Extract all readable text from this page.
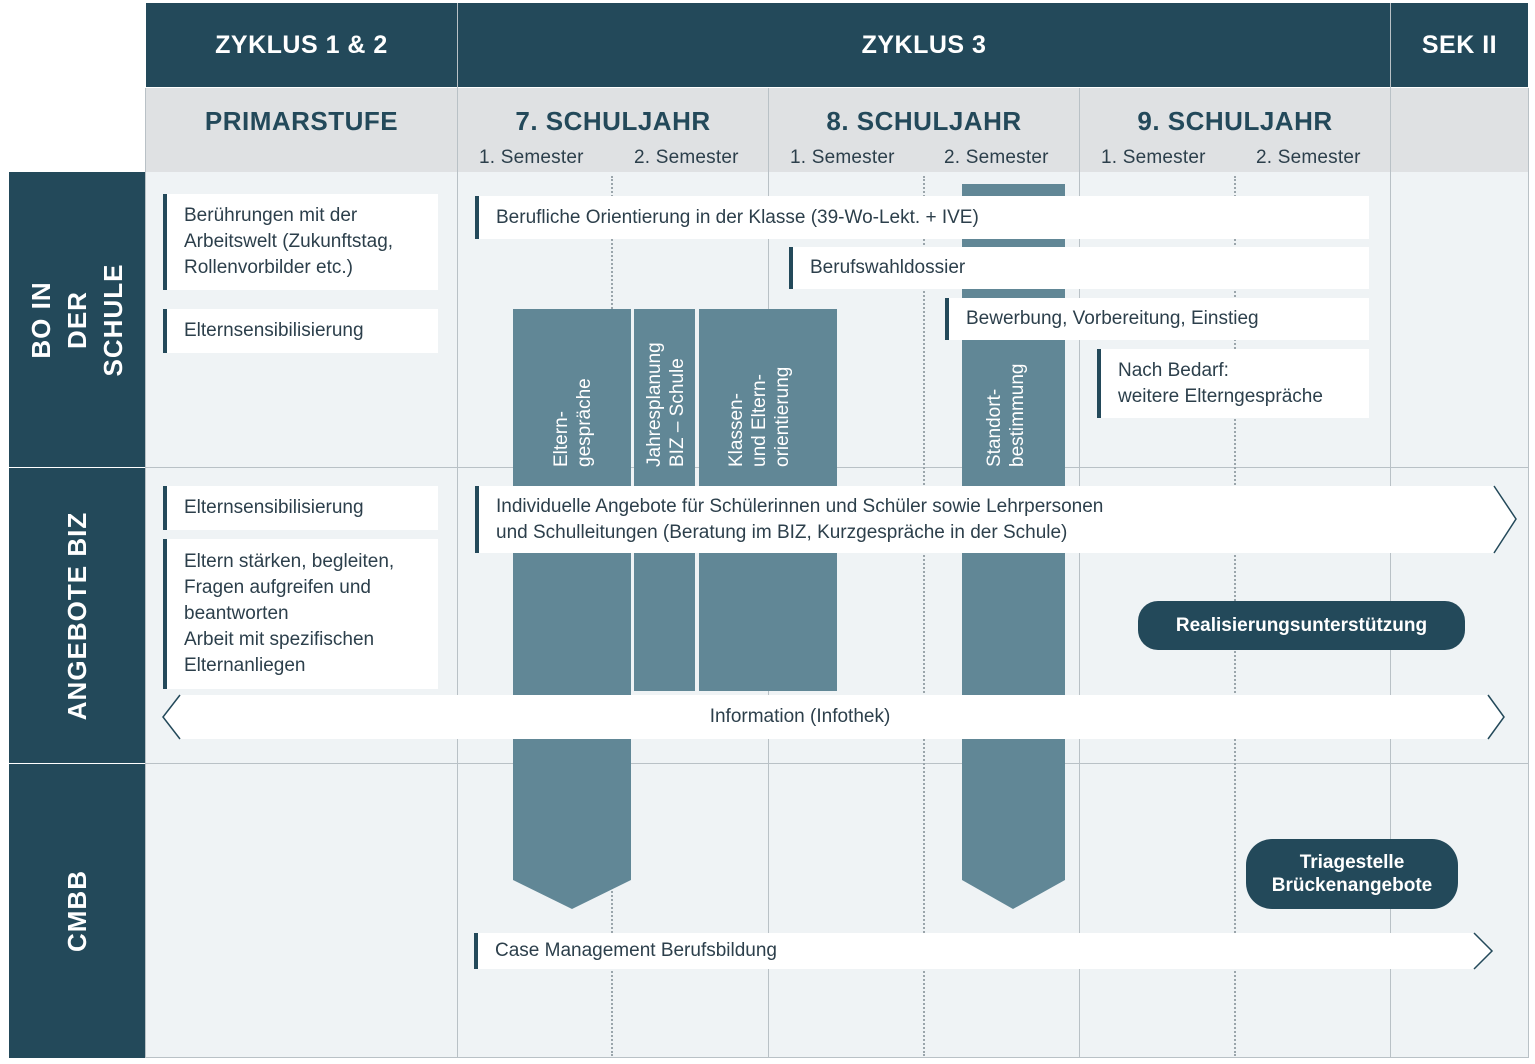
ZYKLUS 1 & 2	ZYKLUS 3	SEK II
PRIMARSTUFE	7. SCHULJAHR
1. Semester	2. Semester
8. SCHULJAHR
1. Semester	2. Semester
9. SCHULJAHR
1. Semester	2. Semester
BO IN
DER SCHULE
ANGEBOTE BIZ
CMBB
Eltern-
gespräche	Jahresplanung
BIZ – Schule
Klassen-
und Eltern-
orientierung	Standort-
bestimmung
Berührungen mit der
Arbeitswelt (Zukunftstag,
Rollenvorbilder etc.)
Elternsensibilisierung
Berufliche Orientierung in der Klasse (39-Wo-Lekt. + IVE)
Berufswahldossier
Bewerbung, Vorbereitung, Einstieg
Nach Bedarf:
weitere Elterngespräche
Elternsensibilisierung
Eltern stärken, begleiten,
Fragen aufgreifen und
beantworten
Arbeit mit spezifischen
Elternanliegen
Individuelle Angebote für Schülerinnen und Schüler sowie Lehrpersonen
und Schulleitungen (Beratung im BIZ, Kurzgespräche in der Schule)
Information (Infothek)
Realisierungsunterstützung
Triagestelle
Brückenangebote
Case Management Berufsbildung
